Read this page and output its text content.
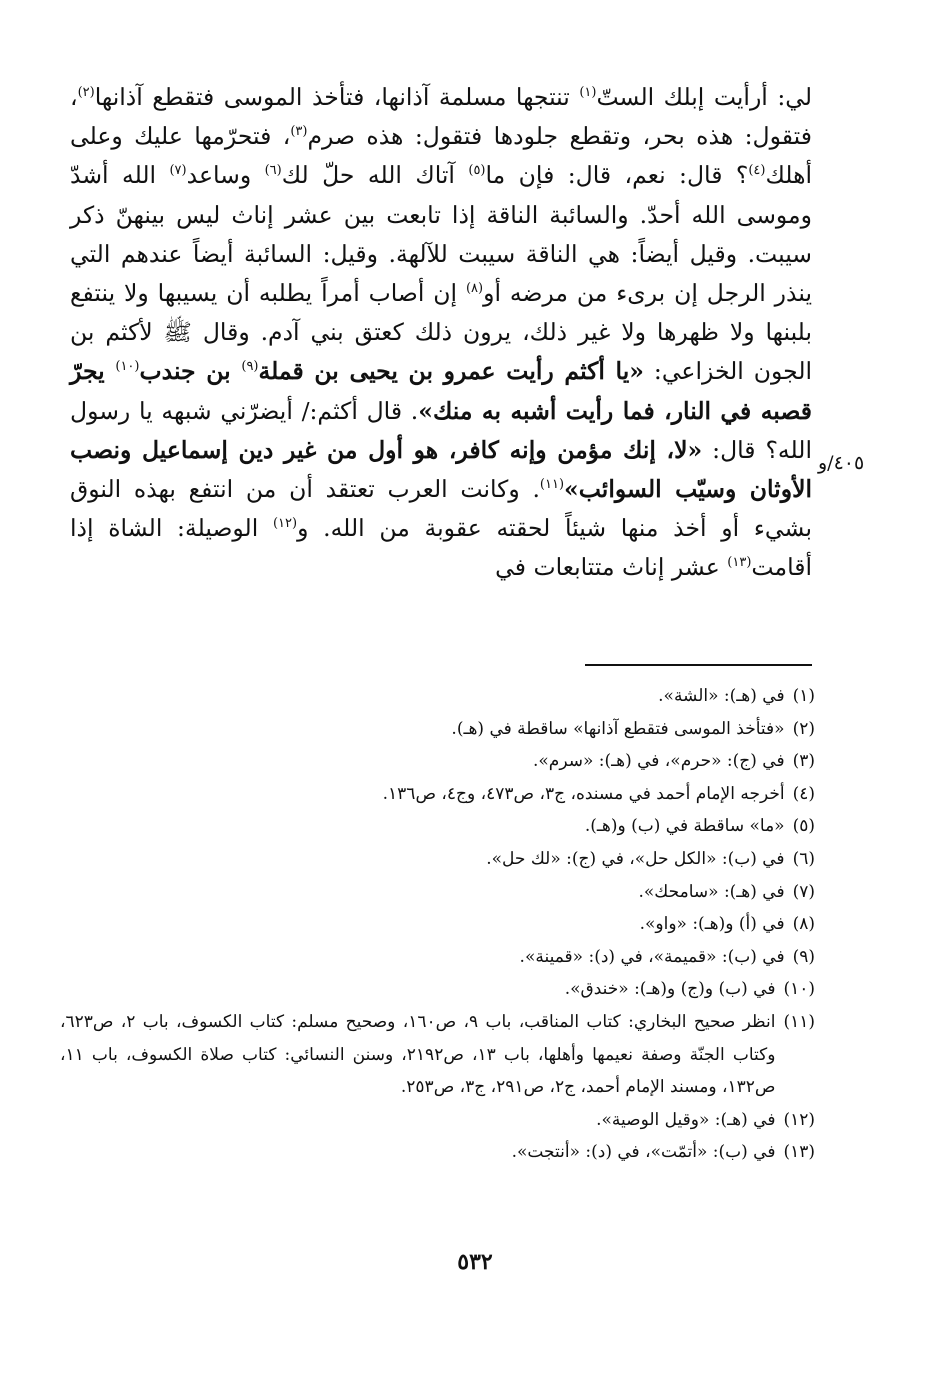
لي: أرأيت إبلك الستّ$^{(١)}$ تنتجها مسلمة آذانها، فتأخذ الموسى فتقطع آذانها$^{(٢)}$، فتقول: هذه بحر، وتقطع جلودها فتقول: هذه صرم$^{(٣)}$، فتحرّمها عليك وعلى أهلك$^{(٤)}$؟ قال: نعم، قال: فإن ما$^{(٥)}$ آتاك الله حلّ لك$^{(٦)}$ وساعد$^{(٧)}$ الله أشدّ وموسى الله أحدّ. والسائبة الناقة إذا تابعت بين عشر إناث ليس بينهنّ ذكر سيبت. وقيل أيضاً: هي الناقة سيبت للآلهة. وقيل: السائبة أيضاً عندهم التي ينذر الرجل إن برىء من مرضه أو$^{(٨)}$ إن أصاب أمراً يطلبه أن يسيبها ولا ينتفع بلبنها ولا ظهرها ولا غير ذلك، يرون ذلك كعتق بني آدم. وقال ﷺ لأكثم بن الجون الخزاعي: «يا أكثم رأيت عمرو بن يحيى بن قملة$^{(٩)}$ بن جندب$^{(١٠)}$ يجرّ قصبه في النار، فما رأيت أشبه به منك». قال أكثم:/ أيضرّني شبهه يا رسول الله؟ قال: «لا، إنك مؤمن وإنه كافر، هو أول من غير دين إسماعيل ونصب الأوثان وسيّب السوائب»$^{(١١)}$. وكانت العرب تعتقد أن من انتفع بهذه النوق بشيء أو أخذ منها شيئاً لحقته عقوبة من الله. و$^{(١٢)}$ الوصيلة: الشاة إذا أقامت$^{(١٣)}$ عشر إناث متتابعات في

٤٠٥/و
(١)
في (هـ): «الشة».
(٢)
«فتأخذ الموسى فتقطع آذانها» ساقطة في (هـ).
(٣)
في (ج): «حرم»، في (هـ): «سرم».
(٤)
أخرجه الإمام أحمد في مسنده، ج٣، ص٤٧٣، وج٤، ص١٣٦.
(٥)
«ما» ساقطة في (ب) و(هـ).
(٦)
في (ب): «الكل حل»، في (ج): «لك حل».
(٧)
في (هـ): «سامحك».
(٨)
في (أ) و(هـ): «واو».
(٩)
في (ب): «قميمة»، في (د): «قمينة».
(١٠)
في (ب) و(ج) و(هـ): «خندق».
(١١)
انظر صحيح البخاري: كتاب المناقب، باب ٩، ص١٦٠، وصحيح مسلم: كتاب الكسوف، باب ٢، ص٦٢٣، وكتاب الجنّة وصفة نعيمها وأهلها، باب ١٣، ص٢١٩٢، وسنن النسائي: كتاب صلاة الكسوف، باب ١١، ص١٣٢، ومسند الإمام أحمد، ج٢، ص٢٩١، ج٣، ص٢٥٣.
(١٢)
في (هـ): «وقيل الوصية».
(١٣)
في (ب): «أتمّت»، في (د): «أنتجت».
٥٣٢
